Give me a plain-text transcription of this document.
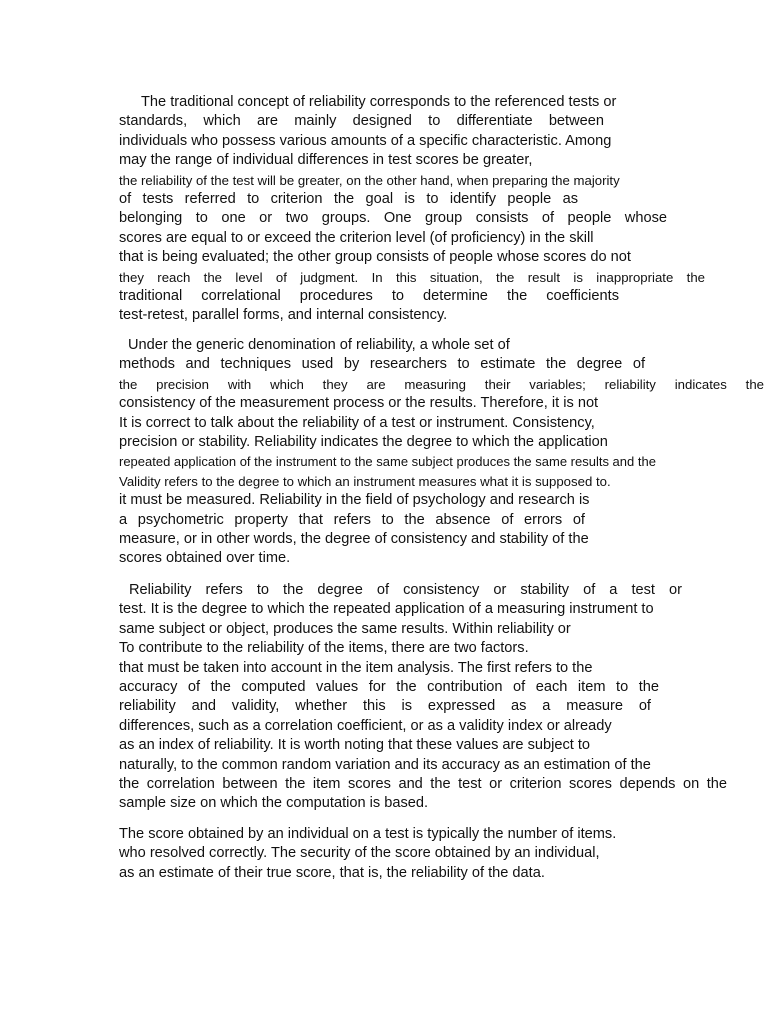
The traditional concept of reliability corresponds to the referenced tests or
standards, which are mainly designed to differentiate between
individuals who possess various amounts of a specific characteristic. Among
may the range of individual differences in test scores be greater,
the reliability of the test will be greater, on the other hand, when preparing the majority
of tests referred to criterion the goal is to identify people as
belonging to one or two groups. One group consists of people whose
scores are equal to or exceed the criterion level (of proficiency) in the skill
that is being evaluated; the other group consists of people whose scores do not
they reach the level of judgment. In this situation, the result is inappropriate the
traditional correlational procedures to determine the coefficients
test-retest, parallel forms, and internal consistency.
Under the generic denomination of reliability, a whole set of
methods and techniques used by researchers to estimate the degree of
the precision with which they are measuring their variables; reliability indicates the
consistency of the measurement process or the results. Therefore, it is not
It is correct to talk about the reliability of a test or instrument. Consistency,
precision or stability. Reliability indicates the degree to which the application
repeated application of the instrument to the same subject produces the same results and the
Validity refers to the degree to which an instrument measures what it is supposed to.
it must be measured. Reliability in the field of psychology and research is
a psychometric property that refers to the absence of errors of
measure, or in other words, the degree of consistency and stability of the
scores obtained over time.
Reliability refers to the degree of consistency or stability of a test or
test. It is the degree to which the repeated application of a measuring instrument to
same subject or object, produces the same results. Within reliability or
To contribute to the reliability of the items, there are two factors.
that must be taken into account in the item analysis. The first refers to the
accuracy of the computed values for the contribution of each item to the
reliability and validity, whether this is expressed as a measure of
differences, such as a correlation coefficient, or as a validity index or already
as an index of reliability. It is worth noting that these values are subject to
naturally, to the common random variation and its accuracy as an estimation of the
the correlation between the item scores and the test or criterion scores depends on the
sample size on which the computation is based.
The score obtained by an individual on a test is typically the number of items.
who resolved correctly. The security of the score obtained by an individual,
as an estimate of their true score, that is, the reliability of the data.
